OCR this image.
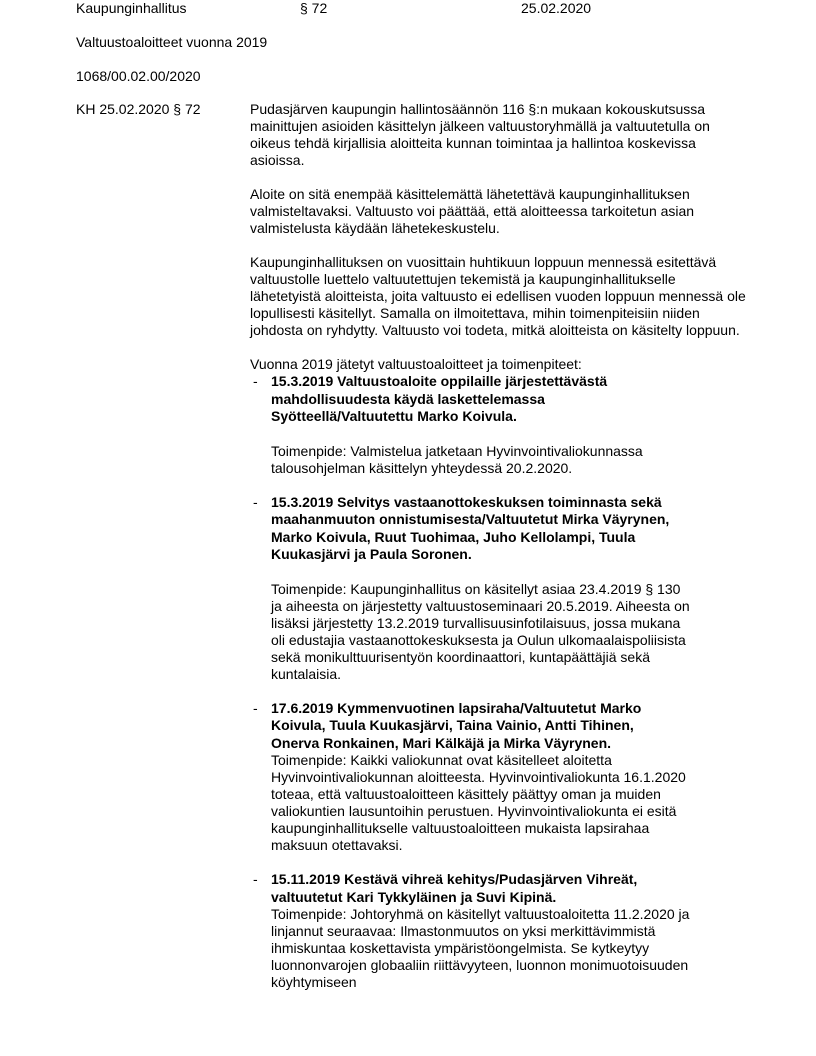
Kaupunginhallitus	§ 72	25.02.2020
Valtuustoaloitteet vuonna 2019
1068/00.02.00/2020
KH 25.02.2020 § 72	Pudasjärven kaupungin hallintosäännön 116 §:n mukaan kokouskutsussa mainittujen asioiden käsittelyn jälkeen valtuustoryhmällä ja valtuutetulla on oikeus tehdä kirjallisia aloitteita kunnan toimintaa ja hallintoa koskevissa asioissa.

Aloite on sitä enempää käsittelemättä lähetettävä kaupunginhallituksen valmisteltavaksi. Valtuusto voi päättää, että aloitteessa tarkoitetun asian valmistelusta käydään lähetekeskustelu.

Kaupunginhallituksen on vuosittain huhtikuun loppuun mennessä esitettävä valtuustolle luettelo valtuutettujen tekemistä ja kaupunginhallitukselle lähetetyistä aloitteista, joita valtuusto ei edellisen vuoden loppuun mennessä ole lopullisesti käsitellyt. Samalla on ilmoitettava, mihin toimenpiteisiin niiden johdosta on ryhdytty. Valtuusto voi todeta, mitkä aloitteista on käsitelty loppuun.

Vuonna 2019 jätetyt valtuustoaloitteet ja toimenpiteet:
- 15.3.2019 Valtuustoaloite oppilaille järjestettävästä mahdollisuudesta käydä laskettelemassa Syötteellä/Valtuutettu Marko Koivula.
Toimenpide: Valmistelua jatketaan Hyvinvointivaliokunnassa talousohjelman käsittelyn yhteydessä 20.2.2020.
- 15.3.2019 Selvitys vastaanottokeskuksen toiminnasta sekä maahanmuuton onnistumisesta/Valtuutetut Mirka Väyrynen, Marko Koivula, Ruut Tuohimaa, Juho Kellolampi, Tuula Kuukasjärvi ja Paula Soronen.
Toimenpide: Kaupunginhallitus on käsitellyt asiaa 23.4.2019 § 130 ja aiheesta on järjestetty valtuustoseminaari 20.5.2019. Aiheesta on lisäksi järjestetty 13.2.2019 turvallisuusinfotilaisuus, jossa mukana oli edustajia vastaanottokeskuksesta ja Oulun ulkomaalaispoliisista sekä monikulttuurisentyön koordinaattori, kuntapäättäjiä sekä kuntalaisia.
- 17.6.2019 Kymmenvuotinen lapsiraha/Valtuutetut Marko Koivula, Tuula Kuukasjärvi, Taina Vainio, Antti Tihinen, Onerva Ronkainen, Mari Kälkäjä ja Mirka Väyrynen.
Toimenpide: Kaikki valiokunnat ovat käsitelleet aloitetta Hyvinvointivaliokunnan aloitteesta. Hyvinvointivaliokunta 16.1.2020 toteaa, että valtuustoaloitteen käsittely päättyy oman ja muiden valiokuntien lausuntoihin perustuen. Hyvinvointivaliokunta ei esitä kaupunginhallitukselle valtuustoaloitteen mukaista lapsirahaa maksuun otettavaksi.
- 15.11.2019 Kestävä vihreä kehitys/Pudasjärven Vihreät, valtuutetut Kari Tykkyläinen ja Suvi Kipinä.
Toimenpide: Johtoryhmä on käsitellyt valtuustoaloitetta 11.2.2020 ja linjannut seuraavaa: Ilmastonmuutos on yksi merkittävimmistä ihmiskuntaa koskettavista ympäristöongelmista. Se kytkeytyy luonnonvarojen globaaliin riittävyyteen, luonnon monimuotoisuuden köyhtymiseen
